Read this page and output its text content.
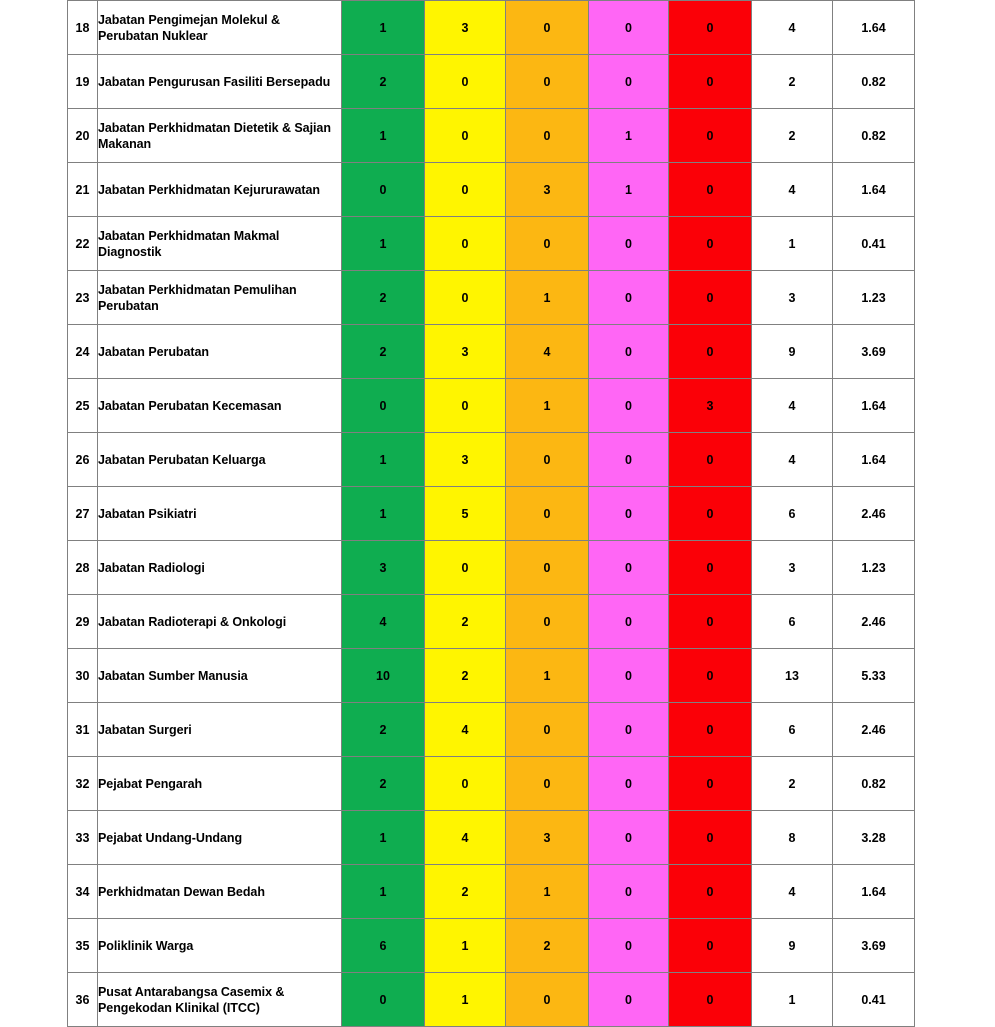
18	Jabatan Pengimejan Molekul & Perubatan Nuklear	1	3	0	0	0	4	1.64
19	Jabatan Pengurusan Fasiliti Bersepadu	2	0	0	0	0	2	0.82
20	Jabatan Perkhidmatan Dietetik & Sajian Makanan	1	0	0	1	0	2	0.82
21	Jabatan Perkhidmatan Kejururawatan	0	0	3	1	0	4	1.64
22	Jabatan Perkhidmatan Makmal Diagnostik	1	0	0	0	0	1	0.41
23	Jabatan Perkhidmatan Pemulihan Perubatan	2	0	1	0	0	3	1.23
24	Jabatan Perubatan	2	3	4	0	0	9	3.69
25	Jabatan Perubatan Kecemasan	0	0	1	0	3	4	1.64
26	Jabatan Perubatan Keluarga	1	3	0	0	0	4	1.64
27	Jabatan Psikiatri	1	5	0	0	0	6	2.46
28	Jabatan Radiologi	3	0	0	0	0	3	1.23
29	Jabatan Radioterapi & Onkologi	4	2	0	0	0	6	2.46
30	Jabatan Sumber Manusia	10	2	1	0	0	13	5.33
31	Jabatan Surgeri	2	4	0	0	0	6	2.46
32	Pejabat Pengarah	2	0	0	0	0	2	0.82
33	Pejabat Undang-Undang	1	4	3	0	0	8	3.28
34	Perkhidmatan Dewan Bedah	1	2	1	0	0	4	1.64
35	Poliklinik Warga	6	1	2	0	0	9	3.69
36	Pusat Antarabangsa Casemix & Pengekodan Klinikal (ITCC)	0	1	0	0	0	1	0.41
